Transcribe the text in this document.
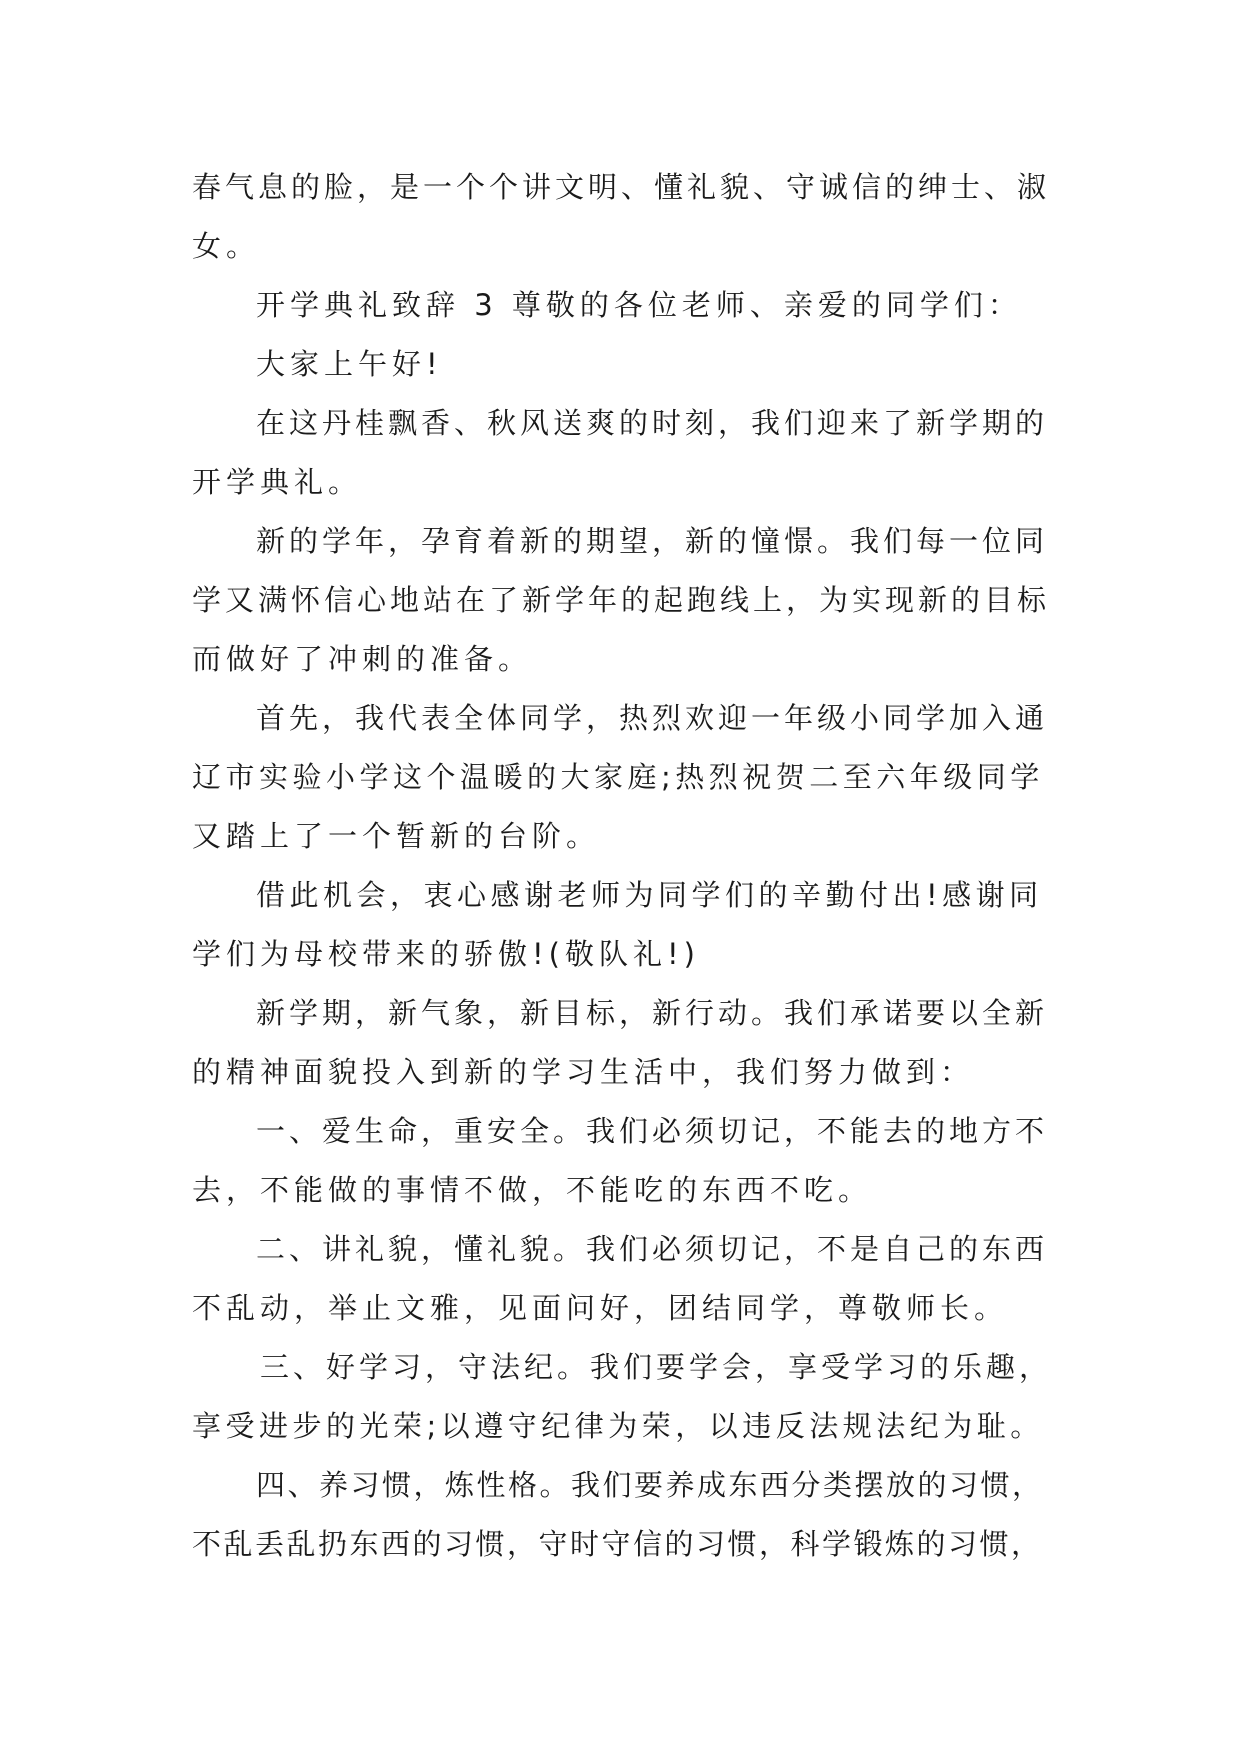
春气息的脸，是一个个讲文明、懂礼貌、守诚信的绅士、淑
女。
开学典礼致辞 3 尊敬的各位老师、亲爱的同学们：
大家上午好!
在这丹桂飘香、秋风送爽的时刻，我们迎来了新学期的
开学典礼。
新的学年，孕育着新的期望，新的憧憬。我们每一位同
学又满怀信心地站在了新学年的起跑线上，为实现新的目标
而做好了冲刺的准备。
首先，我代表全体同学，热烈欢迎一年级小同学加入通
辽市实验小学这个温暖的大家庭;热烈祝贺二至六年级同学
又踏上了一个暂新的台阶。
借此机会，衷心感谢老师为同学们的辛勤付出!感谢同
学们为母校带来的骄傲!(敬队礼!)
新学期，新气象，新目标，新行动。我们承诺要以全新
的精神面貌投入到新的学习生活中，我们努力做到：
一、爱生命，重安全。我们必须切记，不能去的地方不
去，不能做的事情不做，不能吃的东西不吃。
二、讲礼貌，懂礼貌。我们必须切记，不是自己的东西
不乱动，举止文雅，见面问好，团结同学，尊敬师长。
三、好学习，守法纪。我们要学会，享受学习的乐趣，
享受进步的光荣;以遵守纪律为荣，以违反法规法纪为耻。
四、养习惯，炼性格。我们要养成东西分类摆放的习惯，
不乱丢乱扔东西的习惯，守时守信的习惯，科学锻炼的习惯，
